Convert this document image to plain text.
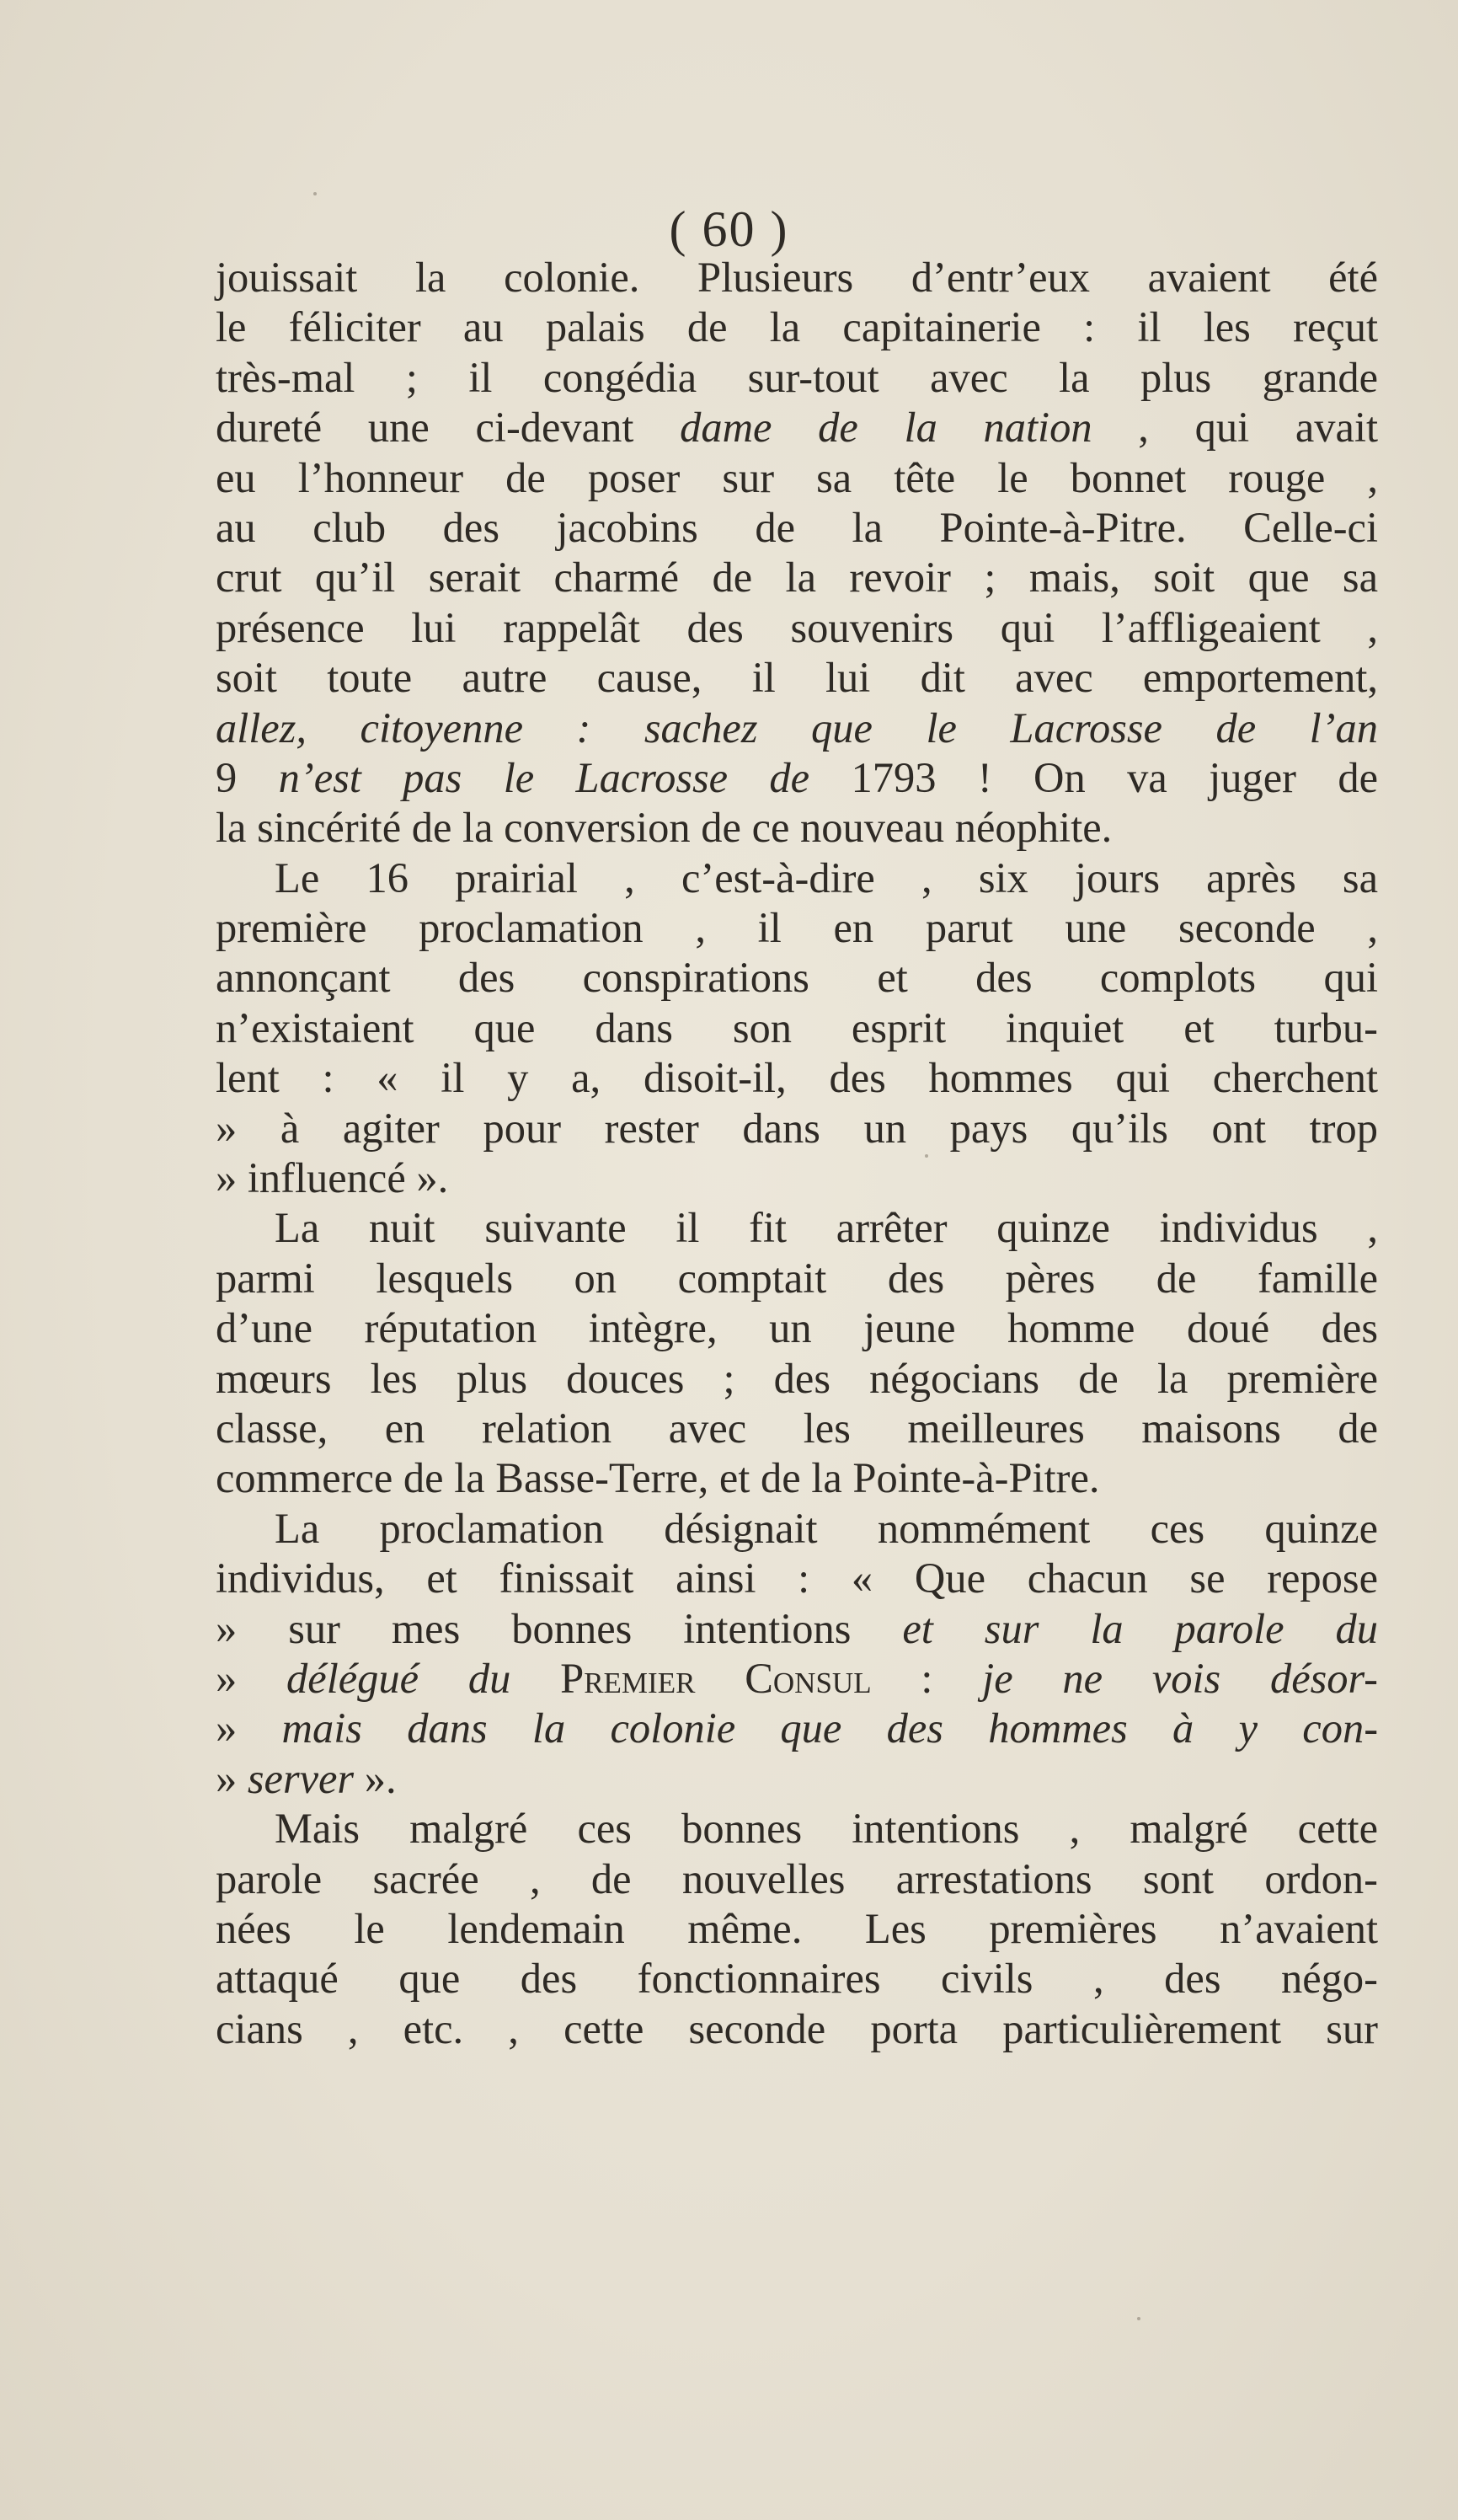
( 60 )
jouissait la colonie. Plusieurs d’entr’eux avaient été
le féliciter au palais de la capitainerie : il les reçut
très-mal ; il congédia sur-tout avec la plus grande
dureté une ci-devant dame de la nation , qui avait
eu l’honneur de poser sur sa tête le bonnet rouge ,
au club des jacobins de la Pointe-à-Pitre. Celle-ci
crut qu’il serait charmé de la revoir ; mais, soit que sa
présence lui rappelât des souvenirs qui l’affligeaient ,
soit toute autre cause, il lui dit avec emportement,
allez, citoyenne : sachez que le Lacrosse de l’an
9 n’est pas le Lacrosse de 1793 ! On va juger de
la sincérité de la conversion de ce nouveau néophite.
Le 16 prairial , c’est-à-dire , six jours après sa
première proclamation , il en parut une seconde ,
annonçant des conspirations et des complots qui
n’existaient que dans son esprit inquiet et turbu-
lent : « il y a, disoit-il, des hommes qui cherchent
» à agiter pour rester dans un pays qu’ils ont trop
» influencé ».
La nuit suivante il fit arrêter quinze individus ,
parmi lesquels on comptait des pères de famille
d’une réputation intègre, un jeune homme doué des
mœurs les plus douces ; des négocians de la première
classe, en relation avec les meilleures maisons de
commerce de la Basse-Terre, et de la Pointe-à-Pitre.
La proclamation désignait nommément ces quinze
individus, et finissait ainsi : « Que chacun se repose
» sur mes bonnes intentions et sur la parole du
» délégué du Premier Consul : je ne vois désor-
» mais dans la colonie que des hommes à y con-
» server ».
Mais malgré ces bonnes intentions , malgré cette
parole sacrée , de nouvelles arrestations sont ordon-
nées le lendemain même. Les premières n’avaient
attaqué que des fonctionnaires civils , des négo-
cians , etc. , cette seconde porta particulièrement sur
